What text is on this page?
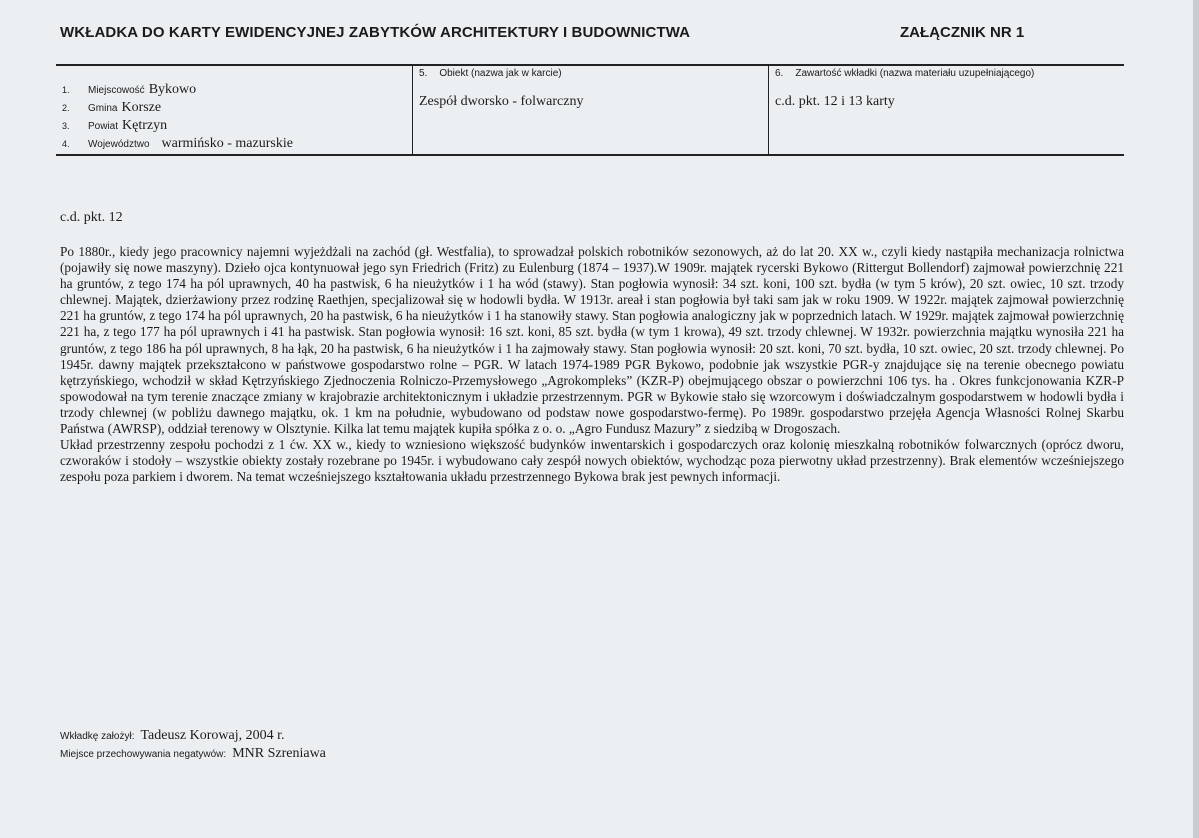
WKŁADKA DO KARTY EWIDENCYJNEJ ZABYTKÓW ARCHITEKTURY I BUDOWNICTWA	ZAŁĄCZNIK NR 1
1. Miejscowość Bykowo
2. Gmina Korsze
3. Powiat Kętrzyn
4. Województwo warmińsko - mazurskie
5. Obiekt (nazwa jak w karcie)
Zespół dworsko - folwarczny
6. Zawartość wkładki (nazwa materiału uzupełniającego)
c.d. pkt. 12 i 13 karty
c.d. pkt. 12

Po 1880r., kiedy jego pracownicy najemni wyjeżdżali na zachód (gł. Westfalia), to sprowadzał polskich robotników sezonowych, aż do lat 20. XX w., czyli kiedy nastąpiła mechanizacja rolnictwa (pojawiły się nowe maszyny). Dzieło ojca kontynuował jego syn Friedrich (Fritz) zu Eulenburg (1874 – 1937).W 1909r. majątek rycerski Bykowo (Rittergut Bollendorf) zajmował powierzchnię 221 ha gruntów, z tego 174 ha pól uprawnych, 40 ha pastwisk, 6 ha nieużytków i 1 ha wód (stawy). Stan pogłowia wynosił: 34 szt. koni, 100 szt. bydła (w tym 5 krów), 20 szt. owiec, 10 szt. trzody chlewnej. Majątek, dzierżawiony przez rodzinę Raethjen, specjalizował się w hodowli bydła. W 1913r. areał i stan pogłowia był taki sam jak w roku 1909. W 1922r. majątek zajmował powierzchnię 221 ha gruntów, z tego 174 ha pól uprawnych, 20 ha pastwisk, 6 ha nieużytków i 1 ha stanowiły stawy. Stan pogłowia analogiczny jak w poprzednich latach. W 1929r. majątek zajmował powierzchnię 221 ha, z tego 177 ha pól uprawnych i 41 ha pastwisk. Stan pogłowia wynosił: 16 szt. koni, 85 szt. bydła (w tym 1 krowa), 49 szt. trzody chlewnej. W 1932r. powierzchnia majątku wynosiła 221 ha gruntów, z tego 186 ha pól uprawnych, 8 ha łąk, 20 ha pastwisk, 6 ha nieużytków i 1 ha zajmowały stawy. Stan pogłowia wynosił: 20 szt. koni, 70 szt. bydła, 10 szt. owiec, 20 szt. trzody chlewnej. Po 1945r. dawny majątek przekształcono w państwowe gospodarstwo rolne – PGR. W latach 1974-1989 PGR Bykowo, podobnie jak wszystkie PGR-y znajdujące się na terenie obecnego powiatu kętrzyńskiego, wchodził w skład Kętrzyńskiego Zjednoczenia Rolniczo-Przemysłowego „Agrokompleks” (KZR-P) obejmującego obszar o powierzchni 106 tys. ha . Okres funkcjonowania KZR-P spowodował na tym terenie znaczące zmiany w krajobrazie architektonicznym i układzie przestrzennym. PGR w Bykowie stało się wzorcowym i doświadczalnym gospodarstwem w hodowli bydła i trzody chlewnej (w pobliżu dawnego majątku, ok. 1 km na południe, wybudowano od podstaw nowe gospodarstwo-fermę). Po 1989r. gospodarstwo przejęła Agencja Własności Rolnej Skarbu Państwa (AWRSP), oddział terenowy w Olsztynie. Kilka lat temu majątek kupiła spółka z o. o. „Agro Fundusz Mazury” z siedzibą w Drogoszach.

Układ przestrzenny zespołu pochodzi z 1 ćw. XX w., kiedy to wzniesiono większość budynków inwentarskich i gospodarczych oraz kolonię mieszkalną robotników folwarcznych (oprócz dworu, czworaków i stodoły – wszystkie obiekty zostały rozebrane po 1945r. i wybudowano cały zespół nowych obiektów, wychodząc poza pierwotny układ przestrzenny). Brak elementów wcześniejszego zespołu poza parkiem i dworem. Na temat wcześniejszego kształtowania układu przestrzennego Bykowa brak jest pewnych informacji.

Wkładkę założył: Tadeusz Korowaj, 2004 r.
Miejsce przechowywania negatywów: MNR Szreniawa
